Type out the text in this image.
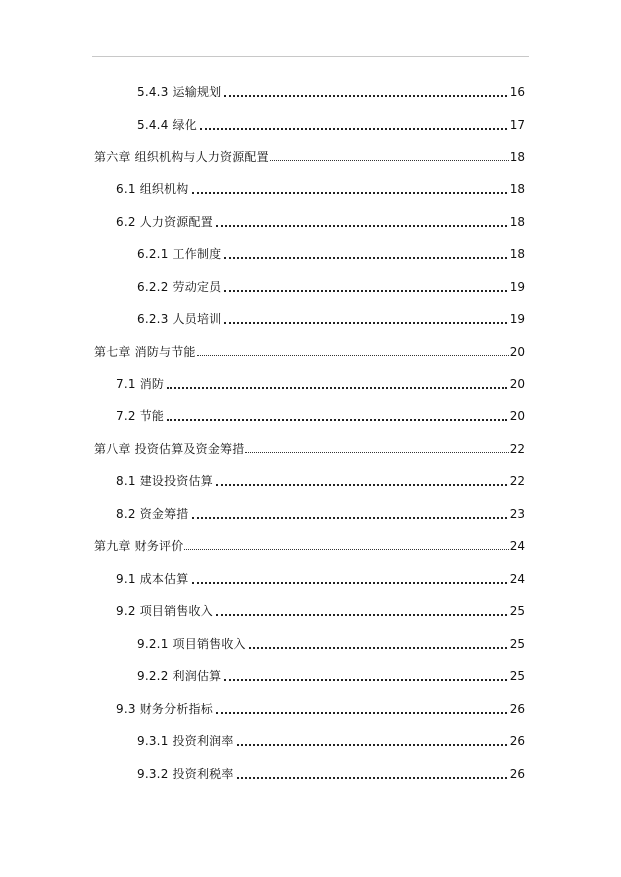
5.4.3 运输规划	16
5.4.4 绿化	17
第六章 组织机构与人力资源配置	18
6.1 组织机构	18
6.2 人力资源配置	18
6.2.1 工作制度	18
6.2.2 劳动定员	19
6.2.3 人员培训	19
第七章 消防与节能	20
7.1 消防	20
7.2 节能	20
第八章 投资估算及资金筹措	22
8.1 建设投资估算	22
8.2 资金筹措	23
第九章 财务评价	24
9.1 成本估算	24
9.2 项目销售收入	25
9.2.1 项目销售收入	25
9.2.2 利润估算	25
9.3 财务分析指标	26
9.3.1 投资利润率	26
9.3.2 投资利税率	26
